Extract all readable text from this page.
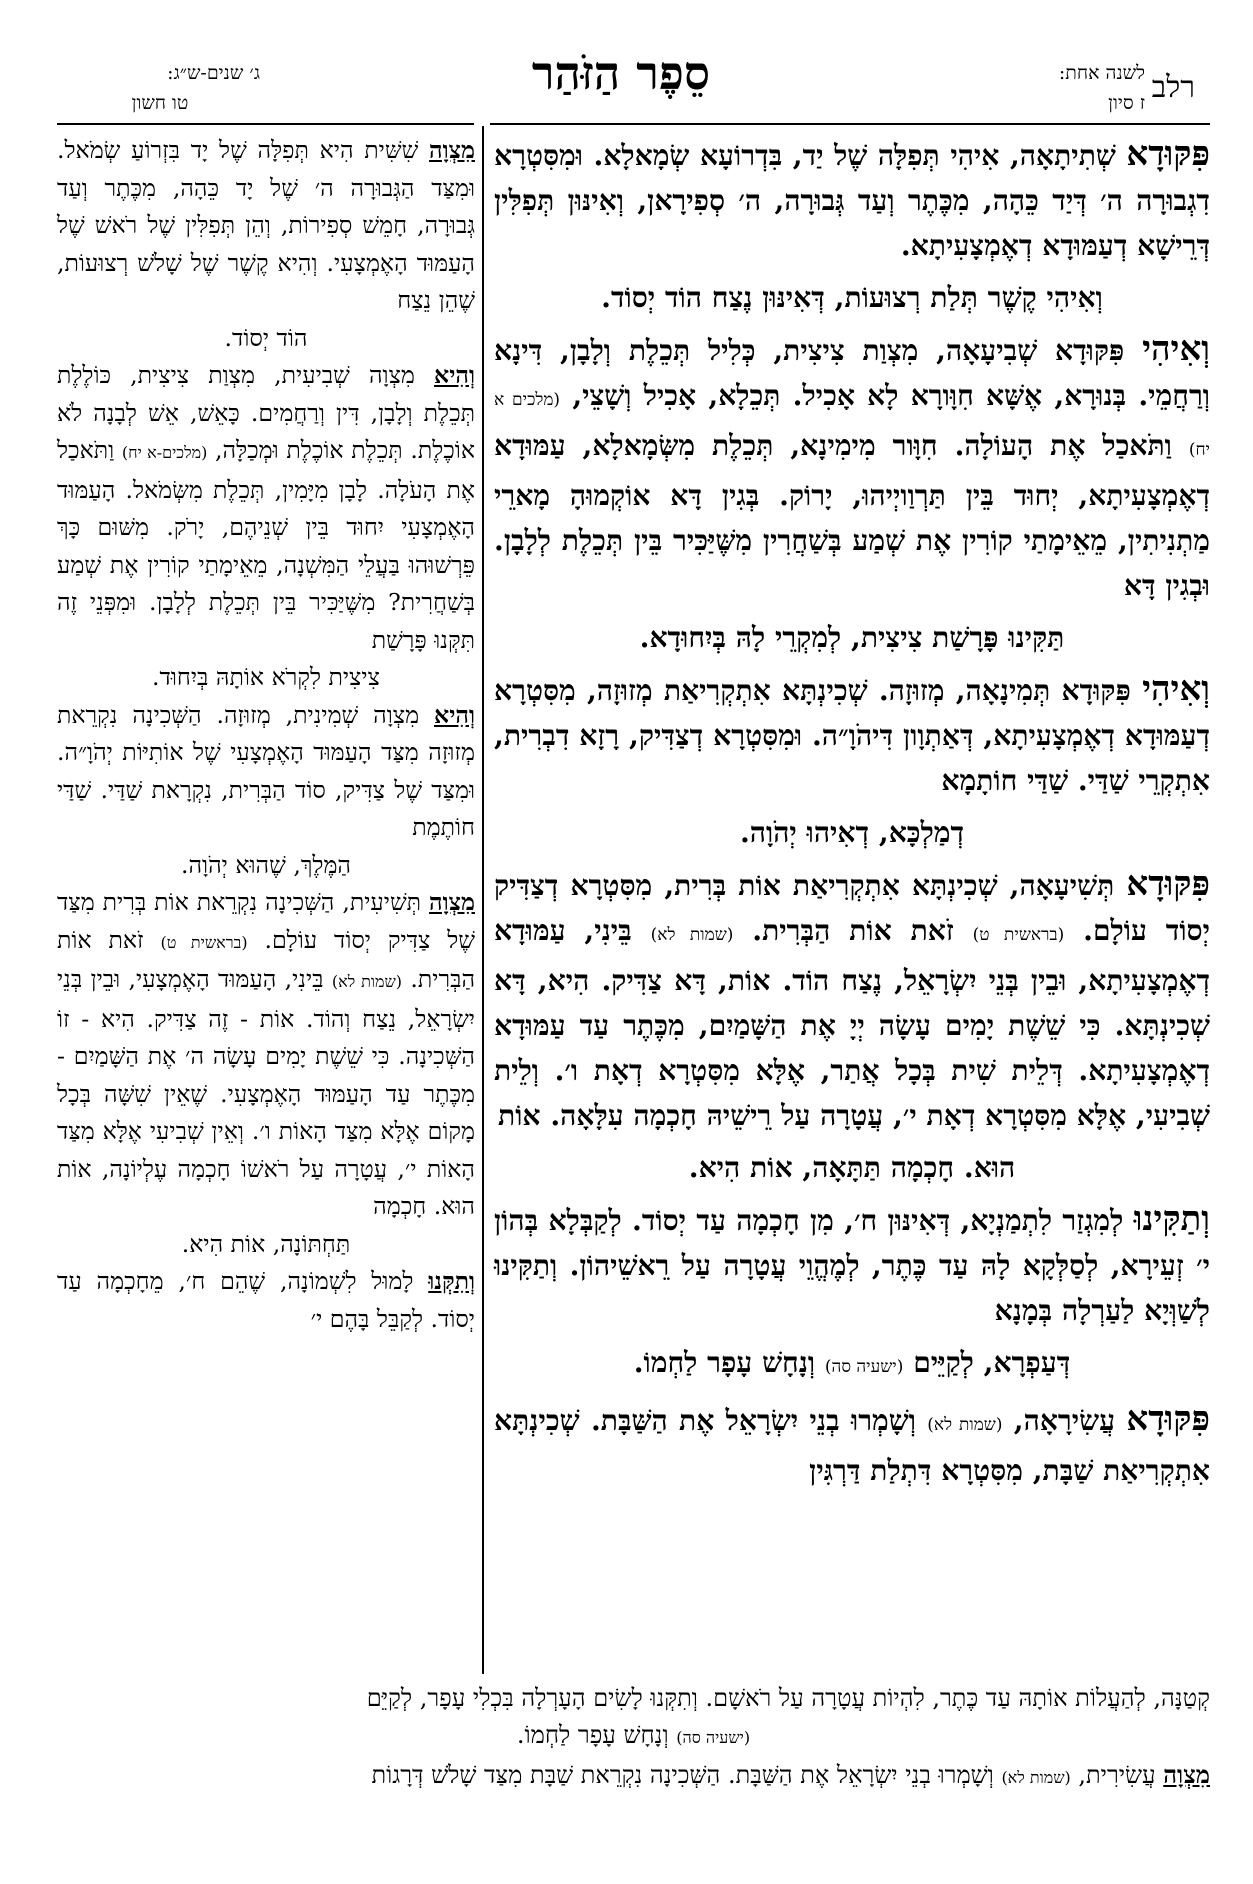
רלב
לשנה אחת:
ז סיון
סֵפֶר הַזֹּהַר
ג׳ שנים-ש״ג:
טו חשון

פִּקּוּדָא שְׁתִיתָאָה, אִיהִי תְּפִלָּה שֶׁל יַד, בִּדְרוֹעָא שְׂמָאלָא. וּמִסִּטְרָא דִגְבוּרָה ה׳ דְּיַד כֵּהָה, מִכֶּתֶר וְעַד גְּבוּרָה, ה׳ סְפִירָאן, וְאִינּוּן תְּפִלִּין דְּרֵישָׁא דְעַמּוּדָא דְאֶמְצָעִיתָא.

וְאִיהִי קֶשֶׁר תְּלַת רְצוּעוֹת, דְּאִינּוּן נֶצַח הוֹד יְסוֹד.

וְאִיהִי פִּקּוּדָא שְׁבִיעָאָה, מִצְוַת צִיצִית, כְּלִיל תְּכֵלֶת וְלָבָן, דִּינָא וְרַחֲמֵי. בְּנוּרָא, אֶשָּׁא חִוָּורָא לָא אָכִיל. תְּכֵלָא, אָכִיל וְשָׁצֵי, (מלכים א יח) וַתֹּאכַל אֶת הָעוֹלָה. חִוָּור מִימִינָא, תְּכֵלֶת מִשְּׂמָאלָא, עַמּוּדָא דְאֶמְצָעִיתָא, יְחוּד בֵּין תַּרְוַויְיהוּ, יָרוֹק. בְּגִין דָּא אוֹקְמוּהָ מָארֵי מַתְנִיתִין, מֵאֵימָתַי קוֹרִין אֶת שְׁמַע בְּשַׁחֲרִין מִשֶּׁיַּכִּיר בֵּין תְּכֵלֶת לְלָבָן. וּבְגִין דָּא

תַּקִּינוּ פָּרָשַׁת צִיצִית, לְמִקְרֵי לָהּ בְּיִחוּדָא.

וְאִיהִי פִּקּוּדָא תְּמִינָאָה, מְזוּזָה. שְׁכִינְתָּא אִתְקְרִיאַת מְזוּזָה, מִסִּטְרָא דְעַמּוּדָא דְאֶמְצָעִיתָא, דְּאַתְוָון דִּיהֹוָ״ה. וּמִסִּטְרָא דְצַדִּיק, רָזָא דִבְרִית, אִתְקְרֵי שַׁדַּי. שַׁדַּי חוֹתָמָא

דְמַלְכָּא, דְאִיהוּ יְהֹוָה.

פִּקּוּדָא תְּשִׁיעָאָה, שְׁכִינְתָּא אִתְקְרִיאַת אוֹת בְּרִית, מִסִּטְרָא דְצַדִּיק יְסוֹד עוֹלָם. (בראשית ט) זֹאת אוֹת הַבְּרִית. (שמות לא) בֵּינִי, עַמּוּדָא דְאֶמְצָעִיתָא, וּבֵין בְּנֵי יִשְׂרָאֵל, נֶצַח הוֹד. אוֹת, דָּא צַדִּיק. הִיא, דָּא שְׁכִינְתָּא. כִּי שֵׁשֶׁת יָמִים עָשָׂה יְיָ אֶת הַשָּׁמַיִם, מִכֶּתֶר עַד עַמּוּדָא דְאֶמְצָעִיתָא. דְּלֵית שִׁית בְּכָל אֲתַר, אֶלָּא מִסִּטְרָא דְאָת ו׳. וְלֵית שְׁבִיעִי, אֶלָּא מִסִּטְרָא דְאָת י׳, עֲטָרָה עַל רֵישֵׁיהּ חָכְמָה עִלָּאָה. אוֹת

הוּא. חָכְמָה תַּתָּאָה, אוֹת הִיא.

וְתַקִּינוּ לְמִגְזַר לִתְמַנְיָא, דְּאִינּוּן ח׳, מִן חָכְמָה עַד יְסוֹד. לְקַבְּלָא בְּהוֹן י׳ זְעֵירָא, לְסַלְּקָא לָהּ עַד כֶּתֶר, לְמֶהֱוֵי עֲטָרָה עַל רֵאשֵׁיהוֹן. וְתַקִּינוּ לְשַׁוְּיָא לַעַרְלָה בְּמָנָא

דְּעַפְרָא, לְקַיֵּים (ישעיה סה) וְנָחָשׁ עָפָר לַחְמוֹ.

פִּקּוּדָא עֲשִׂירָאָה, (שמות לא) וְשָׁמְרוּ בְנֵי יִשְׂרָאֵל אֶת הַשַּׁבָּת. שְׁכִינְתָּא אִתְקְרִיאַת שַׁבָּת, מִסִּטְרָא דִּתְלַת דַּרְגִּין

מִצְוָה שִׁשִּׁית הִיא תְּפִלָּה שֶׁל יָד בִּזְרוֹעַ שְׂמֹאל. וּמִצַּד הַגְּבוּרָה ה׳ שֶׁל יָד כֵּהָה, מִכֶּתֶר וְעַד גְּבוּרָה, חָמֵשׁ סְפִירוֹת, וְהֵן תְּפִלִּין שֶׁל רֹאשׁ שֶׁל הָעַמּוּד הָאֶמְצָעִי. וְהִיא קֶשֶׁר שֶׁל שָׁלֹשׁ רְצוּעוֹת, שֶׁהֵן נֵצַח

הוֹד יְסוֹד.

וְהִיא מִצְוָה שְׁבִיעִית, מִצְוַת צִיצִית, כּוֹלֶלֶת תְּכֵלֶת וְלָבָן, דִּין וְרַחֲמִים. כָּאֵשׁ, אֵשׁ לְבָנָה לֹא אוֹכֶלֶת. תְּכֵלֶת אוֹכֶלֶת וּמְכַלָּה, (מלכים-א יח) וַתֹּאכַל אֶת הָעֹלָה. לָבָן מִיָּמִין, תְּכֵלֶת מִשְּׂמֹאל. הָעַמּוּד הָאֶמְצָעִי יִחוּד בֵּין שְׁנֵיהֶם, יָרֹק. מִשּׁוּם כָּךְ פֵּרְשׁוּהוּ בַּעֲלֵי הַמִּשְׁנָה, מֵאֵימָתַי קוֹרִין אֶת שְׁמַע בְּשַׁחֲרִית? מִשֶּׁיַּכִּיר בֵּין תְּכֵלֶת לְלָבָן. וּמִפְּנֵי זֶה תִּקְּנוּ פָּרָשַׁת

צִיצִית לִקְרֹא אוֹתָהּ בְּיִחוּד.

וְהִיא מִצְוָה שְׁמִינִית, מְזוּזָה. הַשְּׁכִינָה נִקְרֵאת מְזוּזָה מִצַּד הָעַמּוּד הָאֶמְצָעִי שֶׁל אוֹתִיּוֹת יְהֹוָ״ה. וּמִצַּד שֶׁל צַדִּיק, סוֹד הַבְּרִית, נִקְרָאת שַׁדַּי. שַׁדַּי חוֹתֶמֶת

הַמֶּלֶךְ, שֶׁהוּא יְהֹוָה.

מִצְוָה תְּשִׁיעִית, הַשְּׁכִינָה נִקְרֵאת אוֹת בְּרִית מִצַּד שֶׁל צַדִּיק יְסוֹד עוֹלָם. (בראשית ט) זֹאת אוֹת הַבְּרִית. (שמות לא) בֵּינִי, הָעַמּוּד הָאֶמְצָעִי, וּבֵין בְּנֵי יִשְׂרָאֵל, נֵצַח וְהוֹד. אוֹת - זֶה צַדִּיק. הִיא - זוֹ הַשְּׁכִינָה. כִּי שֵׁשֶׁת יָמִים עָשָׂה ה׳ אֶת הַשָּׁמַיִם - מִכֶּתֶר עַד הָעַמּוּד הָאֶמְצָעִי. שֶׁאֵין שִׁשָּׁה בְּכָל מָקוֹם אֶלָּא מִצַּד הָאוֹת ו׳. וְאֵין שְׁבִיעִי אֶלָּא מִצַּד הָאוֹת י׳, עֲטָרָה עַל רֹאשׁוֹ חָכְמָה עֶלְיוֹנָה, אוֹת הוּא. חָכְמָה

תַּחְתּוֹנָה, אוֹת הִיא.

וְתִקְּנוּ לָמוּל לִשְׁמוֹנָה, שֶׁהֵם ח׳, מֵחָכְמָה עַד יְסוֹד. לְקַבֵּל בָּהֶם י׳

קְטַנָּה, לְהַעֲלוֹת אוֹתָהּ עַד כֶּתֶר, לִהְיוֹת עֲטָרָה עַל רֹאשָׁם. וְתִקְּנוּ לָשִׂים הָעָרְלָה בִּכְלִי עָפָר, לְקַיֵּם

(ישעיה סה) וְנָחָשׁ עָפָר לַחְמוֹ.

מִצְוָה עֲשִׂירִית, (שמות לא) וְשָׁמְרוּ בְנֵי יִשְׂרָאֵל אֶת הַשַּׁבָּת. הַשְּׁכִינָה נִקְרֵאת שַׁבָּת מִצַּד שָׁלֹשׁ דְּרָגוֹת
